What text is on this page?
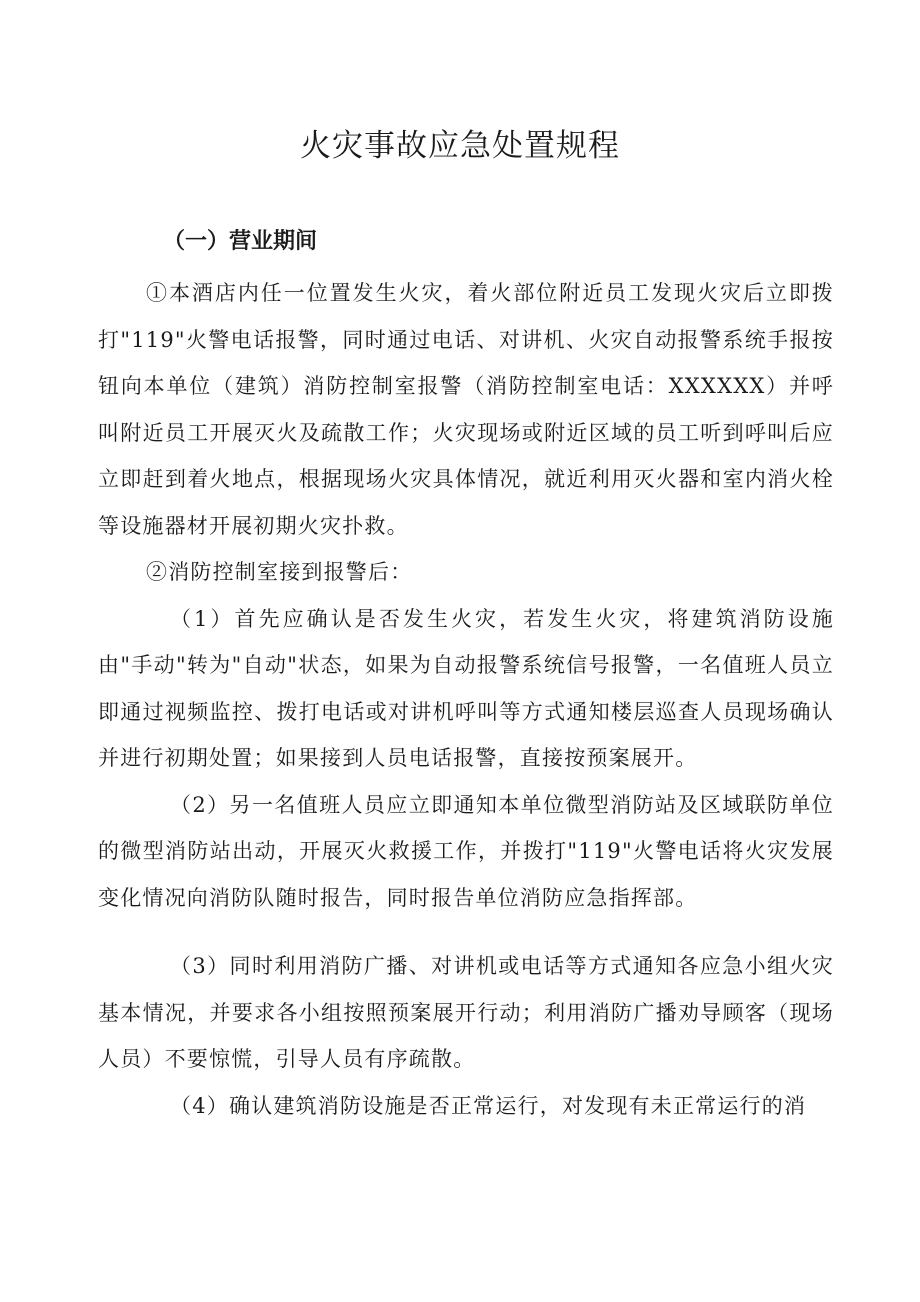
火灾事故应急处置规程
（一）营业期间

①本酒店内任一位置发生火灾，着火部位附近员工发现火灾后立即拨打"119"火警电话报警，同时通过电话、对讲机、火灾自动报警系统手报按钮向本单位（建筑）消防控制室报警（消防控制室电话：XXXXXX）并呼叫附近员工开展灭火及疏散工作；火灾现场或附近区域的员工听到呼叫后应立即赶到着火地点，根据现场火灾具体情况，就近利用灭火器和室内消火栓等设施器材开展初期火灾扑救。

②消防控制室接到报警后：

（1）首先应确认是否发生火灾，若发生火灾，将建筑消防设施由"手动"转为"自动"状态，如果为自动报警系统信号报警，一名值班人员立即通过视频监控、拨打电话或对讲机呼叫等方式通知楼层巡查人员现场确认并进行初期处置；如果接到人员电话报警，直接按预案展开。

（2）另一名值班人员应立即通知本单位微型消防站及区域联防单位的微型消防站出动，开展灭火救援工作，并拨打"119"火警电话将火灾发展变化情况向消防队随时报告，同时报告单位消防应急指挥部。

（3）同时利用消防广播、对讲机或电话等方式通知各应急小组火灾基本情况，并要求各小组按照预案展开行动；利用消防广播劝导顾客（现场人员）不要惊慌，引导人员有序疏散。

（4）确认建筑消防设施是否正常运行，对发现有未正常运行的消
